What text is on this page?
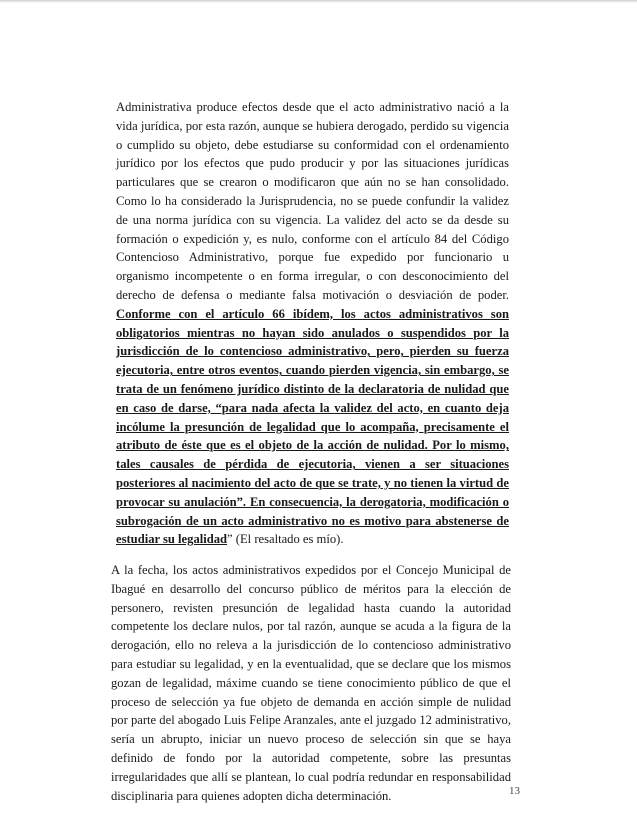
Administrativa produce efectos desde que el acto administrativo nació a la vida jurídica, por esta razón, aunque se hubiera derogado, perdido su vigencia o cumplido su objeto, debe estudiarse su conformidad con el ordenamiento jurídico por los efectos que pudo producir y por las situaciones jurídicas particulares que se crearon o modificaron que aún no se han consolidado. Como lo ha considerado la Jurisprudencia, no se puede confundir la validez de una norma jurídica con su vigencia. La validez del acto se da desde su formación o expedición y, es nulo, conforme con el artículo 84 del Código Contencioso Administrativo, porque fue expedido por funcionario u organismo incompetente o en forma irregular, o con desconocimiento del derecho de defensa o mediante falsa motivación o desviación de poder. Conforme con el artículo 66 ibídem, los actos administrativos son obligatorios mientras no hayan sido anulados o suspendidos por la jurisdicción de lo contencioso administrativo, pero, pierden su fuerza ejecutoria, entre otros eventos, cuando pierden vigencia, sin embargo, se trata de un fenómeno jurídico distinto de la declaratoria de nulidad que en caso de darse, “para nada afecta la validez del acto, en cuanto deja incólume la presunción de legalidad que lo acompaña, precisamente el atributo de éste que es el objeto de la acción de nulidad. Por lo mismo, tales causales de pérdida de ejecutoria, vienen a ser situaciones posteriores al nacimiento del acto de que se trate, y no tienen la virtud de provocar su anulación”. En consecuencia, la derogatoria, modificación o subrogación de un acto administrativo no es motivo para abstenerse de estudiar su legalidad” (El resaltado es mío).

A la fecha, los actos administrativos expedidos por el Concejo Municipal de Ibagué en desarrollo del concurso público de méritos para la elección de personero, revisten presunción de legalidad hasta cuando la autoridad competente los declare nulos, por tal razón, aunque se acuda a la figura de la derogación, ello no releva a la jurisdicción de lo contencioso administrativo para estudiar su legalidad, y en la eventualidad, que se declare que los mismos gozan de legalidad, máxime cuando se tiene conocimiento público de que el proceso de selección ya fue objeto de demanda en acción simple de nulidad por parte del abogado Luis Felipe Aranzales, ante el juzgado 12 administrativo, sería un abrupto, iniciar un nuevo proceso de selección sin que se haya definido de fondo por la autoridad competente, sobre las presuntas irregularidades que allí se plantean, lo cual podría redundar en responsabilidad disciplinaria para quienes adopten dicha determinación.	13
